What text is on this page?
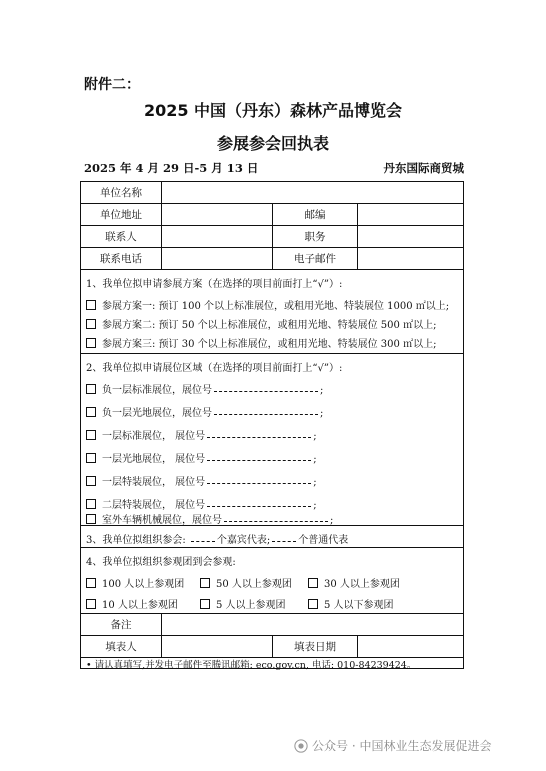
附件二：
2025 中国（丹东）森林产品博览会
参展参会回执表
2025 年 4 月 29 日-5 月 13 日	丹东国际商贸城
单位名称
单位地址	邮编
联系人	职务
联系电话	电子邮件
1、我单位拟申请参展方案（在选择的项目前面打上“√”）:
参展方案一: 预订 100 个以上标准展位，或租用光地、特装展位 1000 ㎡以上;
参展方案二: 预订 50 个以上标准展位，或租用光地、特装展位 500 ㎡以上;
参展方案三: 预订 30 个以上标准展位，或租用光地、特装展位 300 ㎡以上;
2、我单位拟申请展位区域（在选择的项目前面打上“√”）:
负一层标准展位，展位号	;
负一层光地展位，展位号	;
一层标准展位， 展位号	;
一层光地展位， 展位号	;
一层特装展位， 展位号	;
二层特装展位， 展位号	;
室外车辆机械展位，展位号	;
3、我单位拟组织参会:	个嘉宾代表;	个普通代表
4、我单位拟组织参观团到会参观:
100 人以上参观团	50 人以上参观团	30 人以上参观团
10 人以上参观团	5 人以上参观团	5 人以下参观团
备注
填表人	填表日期
• 请认真填写,并发电子邮件至腾讯邮箱: eco.gov.cn, 电话: 010-84239424。
公众号 · 中国林业生态发展促进会
